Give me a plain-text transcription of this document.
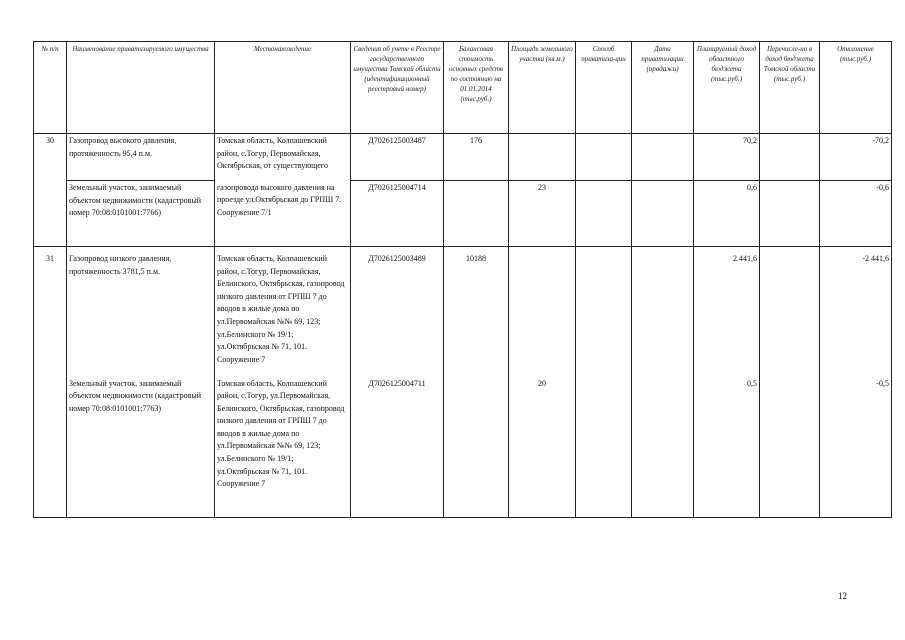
№ п/п	Наименование приватизируемого имущества	Местонахождение	Сведения об учете в Реестре государственного имущества Томской области (идентификационный реестровый номер)	Балансовая стоимость основных средств по состоянию на 01.01.2014 (тыс.руб.)	Площадь земельного участка (кв.м.)	Способ приватиза-ции	Дата приватизации (продажи)	Планируемый доход областного бюджета (тыс.руб.)	Перечисле-но в доход бюджета Томской области (тыс.руб.)	Отклонение (тыс.руб.)
30	Газопровод высокого давления, протяженность 95,4 п.м.	Томская область, Колпашевский район, с.Тогур, Первомайская, Октябрьская, от существующего	Д7026125003487	176				70,2		-70,2
	Земельный участок, занимаемый объектом недвижимости (кадастровый номер 70:08:0101001:7766)	газопровода высокого давления на проезде ул.Октябрьская до ГРПШ 7. Сооружение 7/1	Д7026125004714		23			0,6		-0,6
31	Газопровод низкого давления, протяженность 3781,5 п.м.	Томская область, Колпашевский район, с.Тогур, Первомайская, Белинского, Октябрьская, газопровод низкого давления от ГРПШ 7 до вводов в жилые дома по ул.Первомайская №№ 69, 123; ул.Белинского № 19/1; ул.Октябрьская № 71, 101. Сооружение 7	Д7026125003489	10188				2 441,6		-2 441,6
	Земельный участок, занимаемый объектом недвижимости (кадастровый номер 70:08:0101001:7763)	Томская область, Колпашевский район, с.Тогур, ул.Первомайская, Белинского, Октябрьская, газопровод низкого давления от ГРПШ 7 до вводов в жилые дома по ул.Первомайская №№ 69, 123; ул.Белинского № 19/1; ул.Октябрьская № 71, 101. Сооружение 7	Д7026125004711		20			0,5		-0,5
12
